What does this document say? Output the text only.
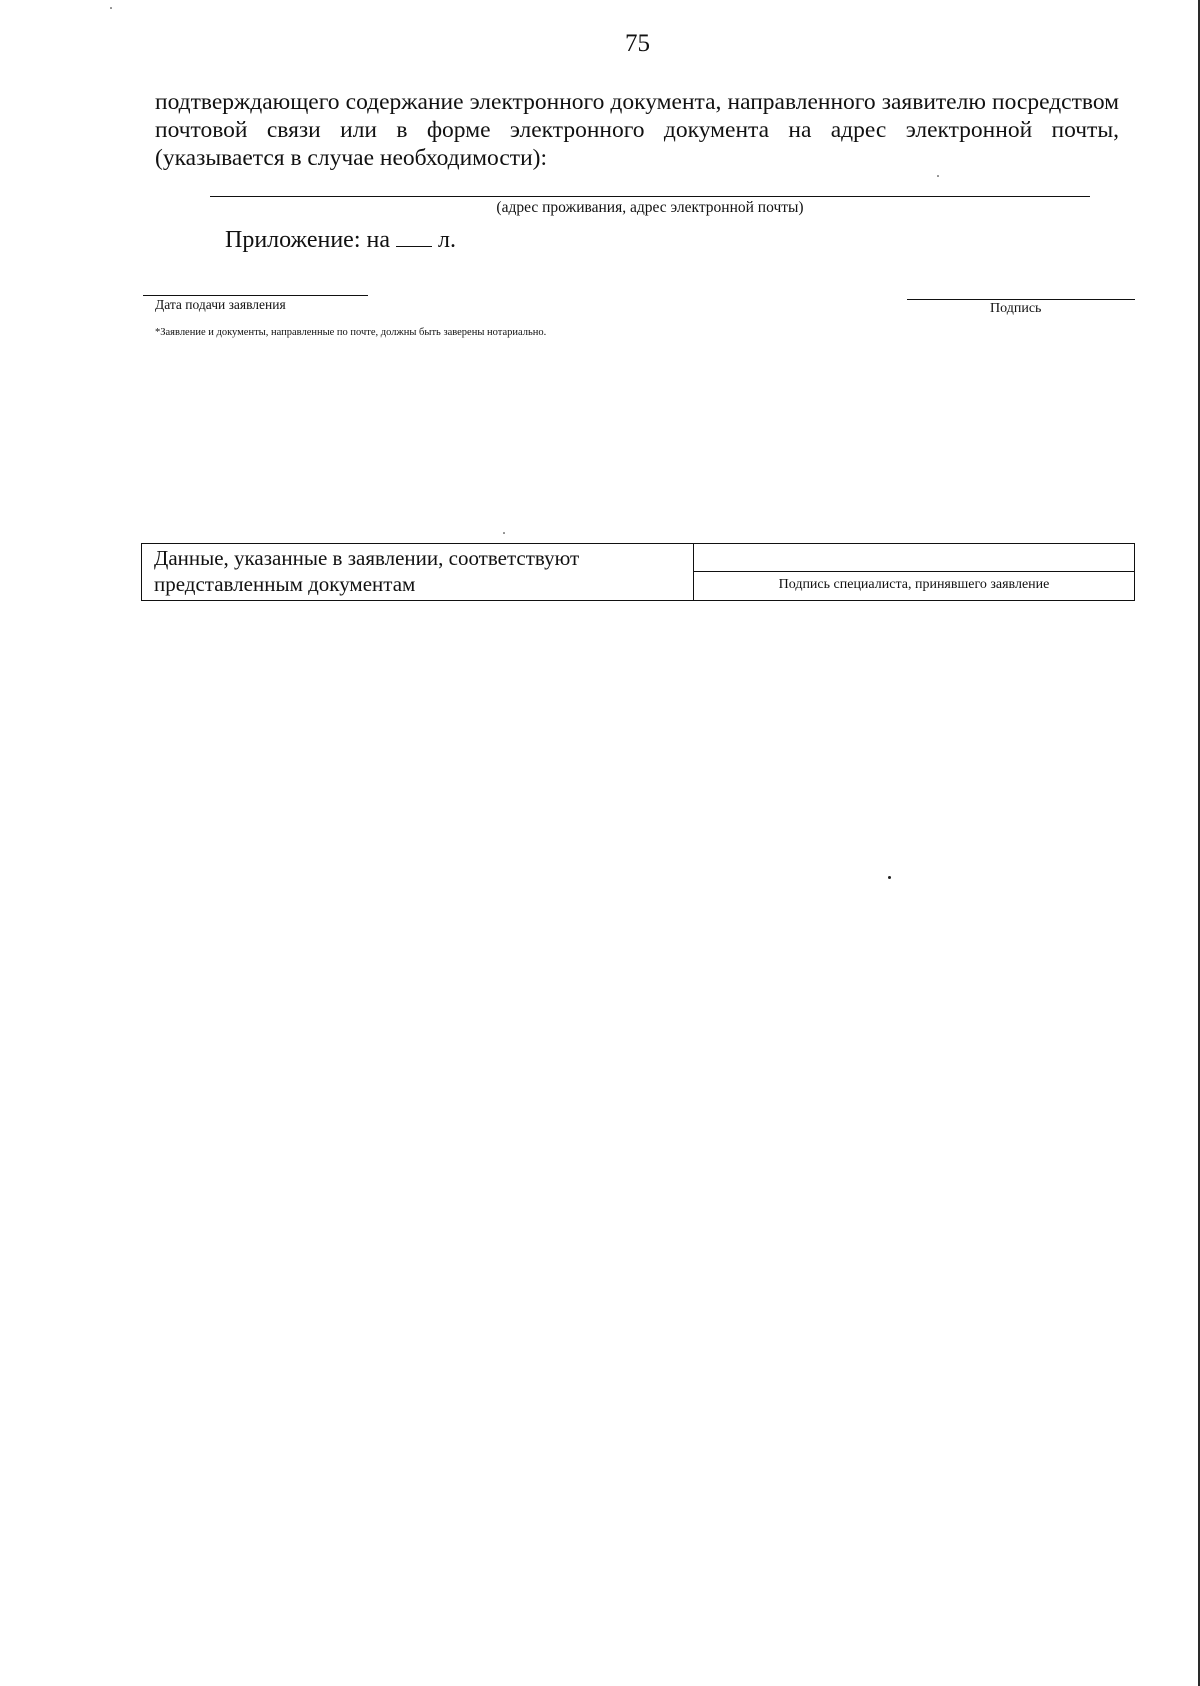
75
подтверждающего содержание электронного документа, направленного заявителю посредством почтовой связи или в форме электронного документа на адрес электронной почты, (указывается в случае необходимости):
(адрес проживания, адрес электронной почты)
Приложение: на л.
Дата подачи заявления	Подпись
*Заявление и документы, направленные по почте, должны быть заверены нотариально.
Данные, указанные в заявлении, соответствуют
представленным документам	Подпись специалиста, принявшего заявление
